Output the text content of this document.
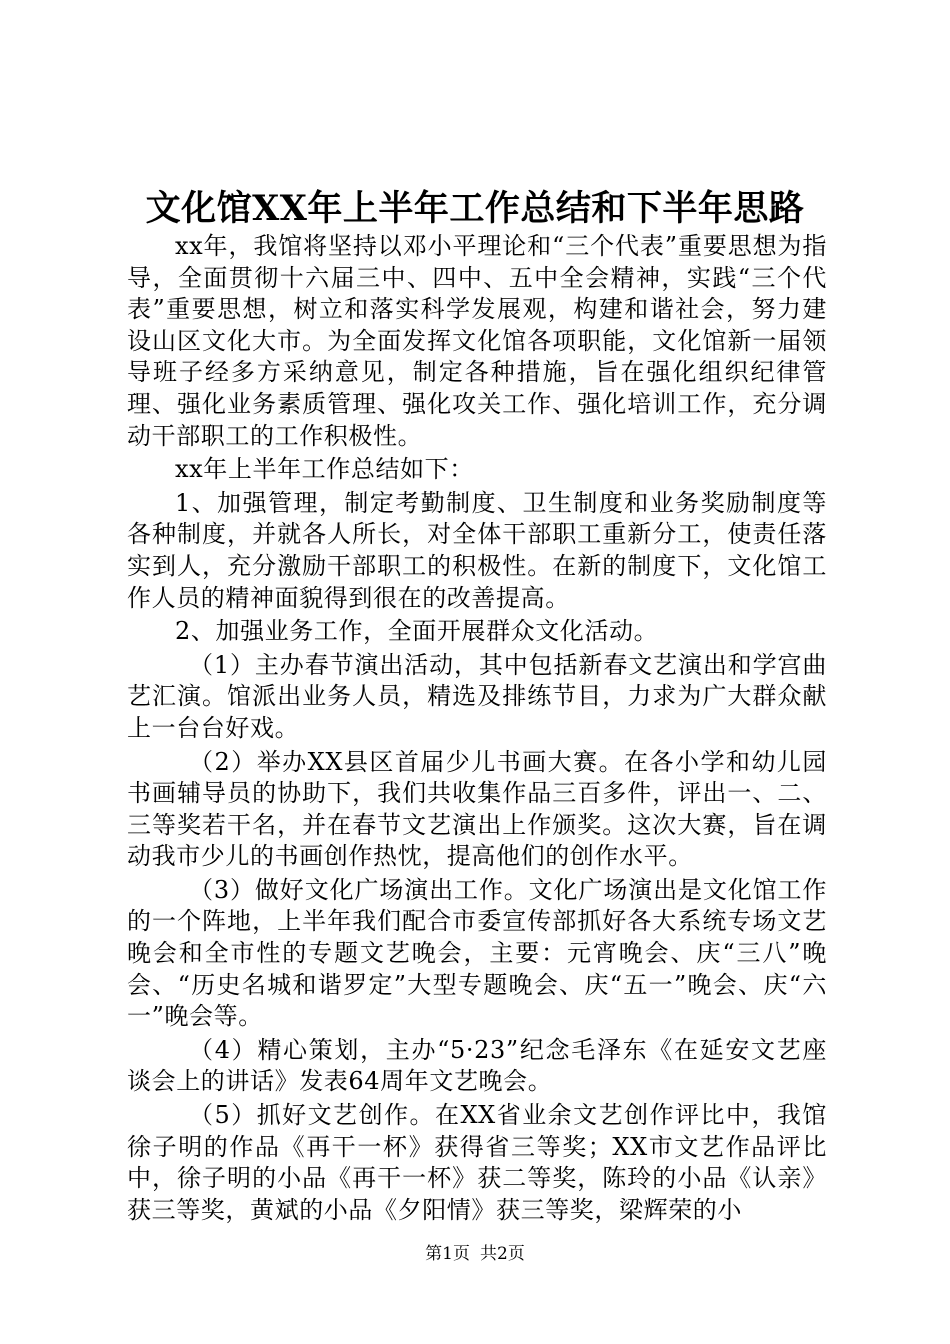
文化馆XX年上半年工作总结和下半年思路

xx年，我馆将坚持以邓小平理论和“三个代表”重要思想为指导，全面贯彻十六届三中、四中、五中全会精神，实践“三个代表”重要思想，树立和落实科学发展观，构建和谐社会，努力建设山区文化大市。为全面发挥文化馆各项职能，文化馆新一届领导班子经多方采纳意见，制定各种措施，旨在强化组织纪律管理、强化业务素质管理、强化攻关工作、强化培训工作，充分调动干部职工的工作积极性。

xx年上半年工作总结如下：

1、加强管理，制定考勤制度、卫生制度和业务奖励制度等各种制度，并就各人所长，对全体干部职工重新分工，使责任落实到人，充分激励干部职工的积极性。在新的制度下，文化馆工作人员的精神面貌得到很在的改善提高。

2、加强业务工作，全面开展群众文化活动。

（1）主办春节演出活动，其中包括新春文艺演出和学宫曲艺汇演。馆派出业务人员，精选及排练节目，力求为广大群众献上一台台好戏。

（2）举办XX县区首届少儿书画大赛。在各小学和幼儿园书画辅导员的协助下，我们共收集作品三百多件，评出一、二、三等奖若干名，并在春节文艺演出上作颁奖。这次大赛，旨在调动我市少儿的书画创作热忱，提高他们的创作水平。

（3）做好文化广场演出工作。文化广场演出是文化馆工作的一个阵地，上半年我们配合市委宣传部抓好各大系统专场文艺晚会和全市性的专题文艺晚会，主要：元宵晚会、庆“三八”晚会、“历史名城和谐罗定”大型专题晚会、庆“五一”晚会、庆“六一”晚会等。

（4）精心策划，主办“5·23”纪念毛泽东《在延安文艺座谈会上的讲话》发表64周年文艺晚会。

（5）抓好文艺创作。在XX省业余文艺创作评比中，我馆徐子明的作品《再干一杯》获得省三等奖；XX市文艺作品评比中，徐子明的小品《再干一杯》获二等奖，陈玲的小品《认亲》获三等奖，黄斌的小品《夕阳情》获三等奖，梁辉荣的小

第1页 共2页
